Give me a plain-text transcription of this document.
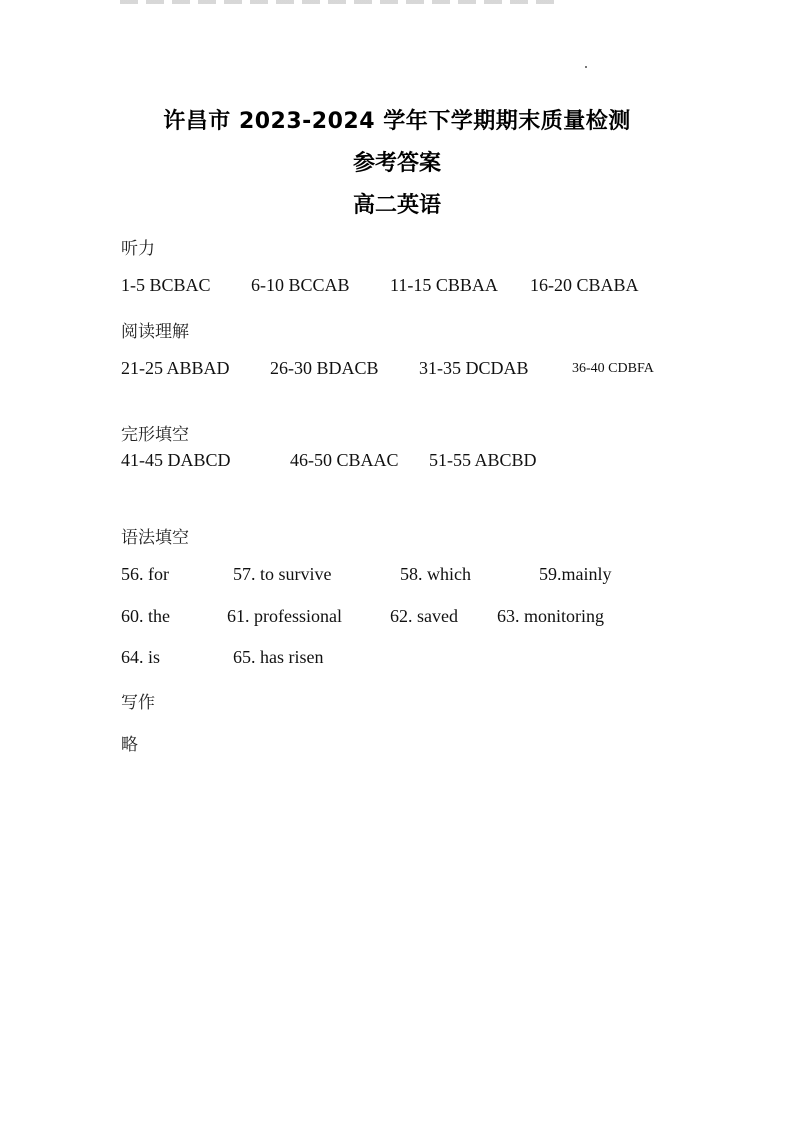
许昌市 2023-2024 学年下学期期末质量检测
参考答案
高二英语
听力
1-5 BCBAC 6-10 BCCAB 11-15 CBBAA 16-20 CBABA
阅读理解
21-25 ABBAD 26-30 BDACB 31-35 DCDAB	36-40 CDBFA
完形填空
41-45 DABCD	46-50 CBAAC 51-55 ABCBD
语法填空
56. for	57. to survive	58. which	59.mainly
60. the	61. professional	62. saved 63. monitoring
64. is	65. has risen
写作
略
